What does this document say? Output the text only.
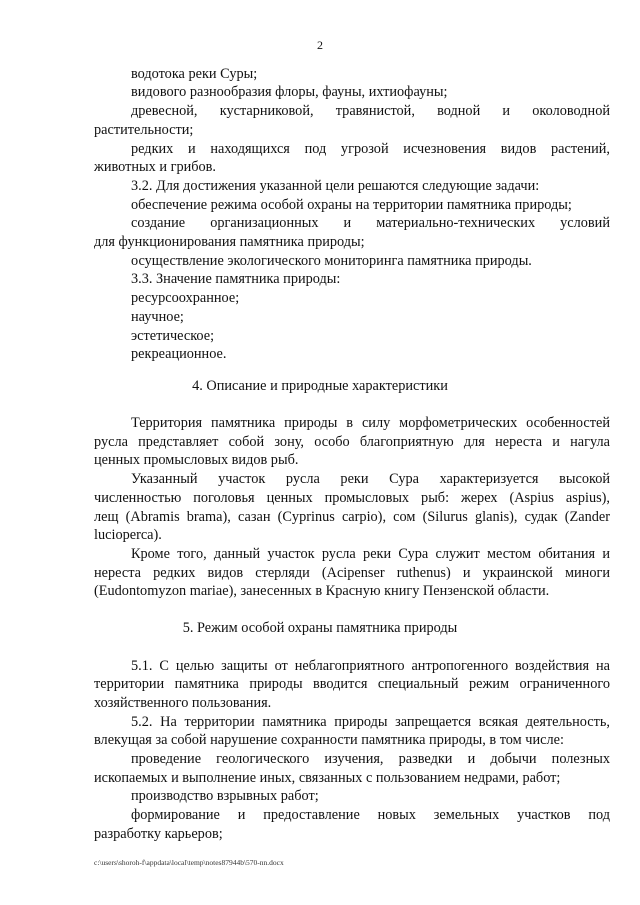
2
водотока реки Суры;
видового разнообразия флоры, фауны, ихтиофауны;
древесной, кустарниковой, травянистой, водной и околоводной
растительности;
редких и находящихся под угрозой исчезновения видов растений,
животных и грибов.
3.2. Для достижения указанной цели решаются следующие задачи:
обеспечение режима особой охраны на территории памятника природы;
создание организационных и материально-технических условий
для функционирования памятника природы;
осуществление экологического мониторинга памятника природы.
3.3. Значение памятника природы:
ресурсоохранное;
научное;
эстетическое;
рекреационное.
4. Описание и природные характеристики
Территория памятника природы в силу морфометрических особенностей
русла представляет собой зону, особо благоприятную для нереста и нагула
ценных промысловых видов рыб.
Указанный участок русла реки Сура характеризуется высокой
численностью поголовья ценных промысловых рыб: жерех (Aspius aspius),
лещ (Abramis brama), сазан (Cyprinus carpio), сом (Silurus glanis), судак (Zander
lucioperca).
Кроме того, данный участок русла реки Сура служит местом обитания и
нереста редких видов стерляди (Acipenser ruthenus) и украинской миноги
(Eudontomyzon mariae), занесенных в Красную книгу Пензенской области.
5. Режим особой охраны памятника природы
5.1. С целью защиты от неблагоприятного антропогенного воздействия на
территории памятника природы вводится специальный режим ограниченного
хозяйственного пользования.
5.2. На территории памятника природы запрещается всякая деятельность,
влекущая за собой нарушение сохранности памятника природы, в том числе:
проведение геологического изучения, разведки и добычи полезных
ископаемых и выполнение иных, связанных с пользованием недрами, работ;
производство взрывных работ;
формирование и предоставление новых земельных участков под
разработку карьеров;
c:\users\shoroh-f\appdata\local\temp\notes87944b\570-nn.docx
